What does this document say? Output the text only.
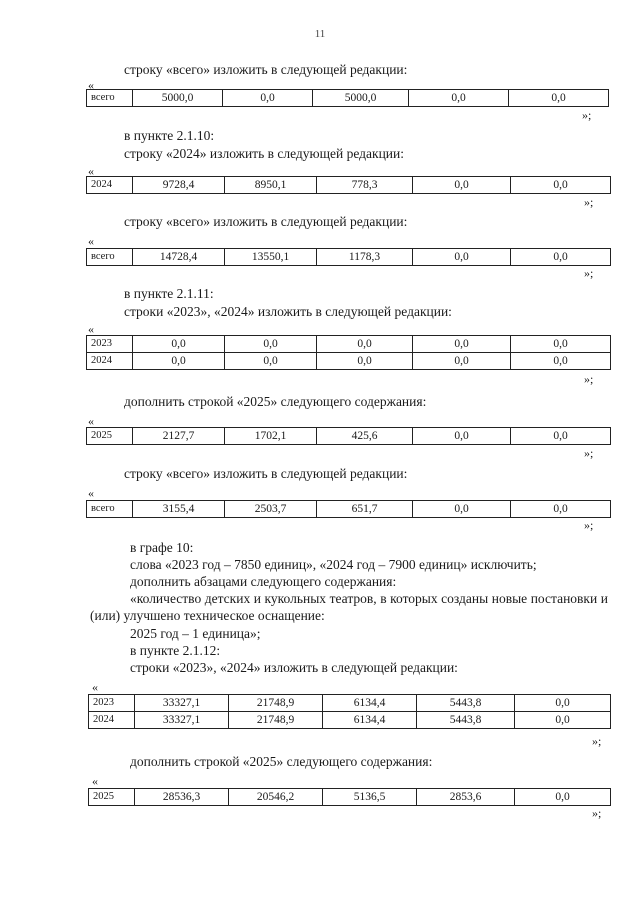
11
строку «всего» изложить в следующей редакции:
«
всего	5000,0	0,0	5000,0	0,0	0,0
»;
в пункте 2.1.10:
строку «2024» изложить в следующей редакции:
«
2024	9728,4	8950,1	778,3	0,0	0,0
»;
строку «всего» изложить в следующей редакции:
«
всего	14728,4	13550,1	1178,3	0,0	0,0
»;
в пункте 2.1.11:
строки «2023», «2024» изложить в следующей редакции:
«
2023	0,0	0,0	0,0	0,0	0,0
2024	0,0	0,0	0,0	0,0	0,0
»;
дополнить строкой «2025» следующего содержания:
«
2025	2127,7	1702,1	425,6	0,0	0,0
»;
строку «всего» изложить в следующей редакции:
«
всего	3155,4	2503,7	651,7	0,0	0,0
»;
в графе 10:
слова «2023 год – 7850 единиц», «2024 год – 7900 единиц» исключить;
дополнить абзацами следующего содержания:
«количество детских и кукольных театров, в которых созданы новые постановки и (или) улучшено техническое оснащение:
2025 год – 1 единица»;
в пункте 2.1.12:
строки «2023», «2024» изложить в следующей редакции:
«
2023	33327,1	21748,9	6134,4	5443,8	0,0
2024	33327,1	21748,9	6134,4	5443,8	0,0
»;
дополнить строкой «2025» следующего содержания:
«
2025	28536,3	20546,2	5136,5	2853,6	0,0
»;
